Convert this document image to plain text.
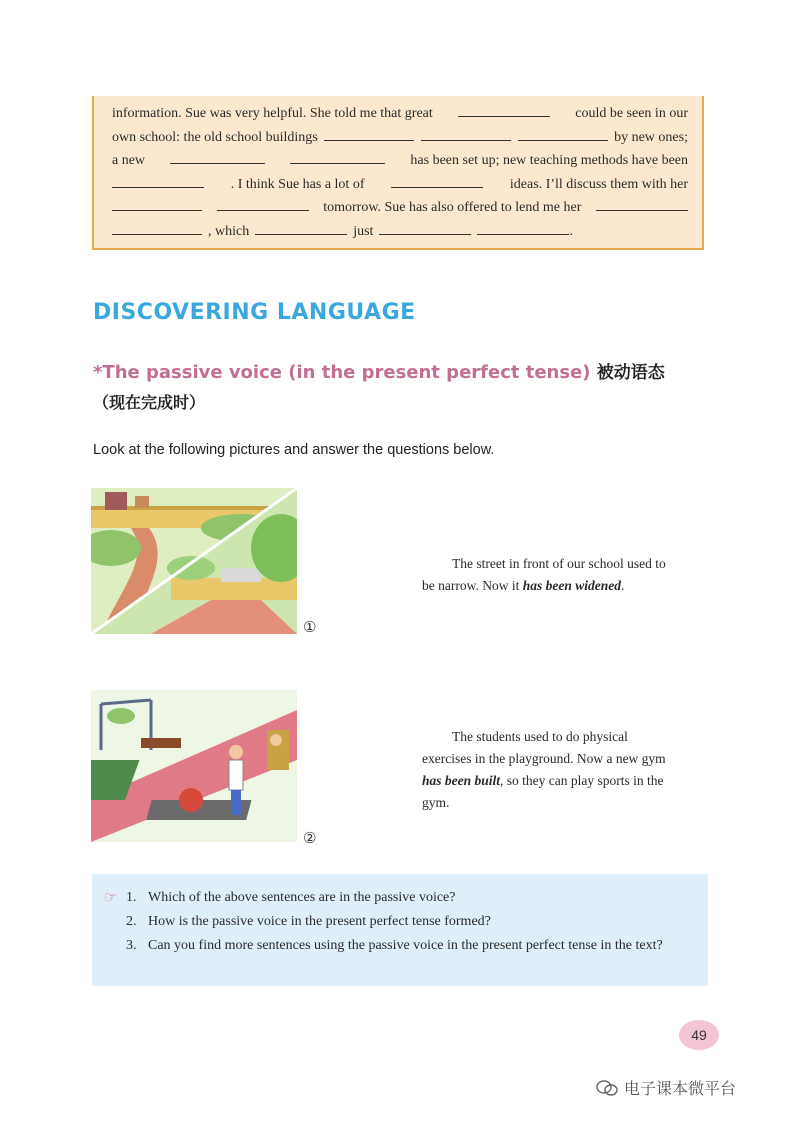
information. Sue was very helpful. She told me that great	could be seen in our
own school: the old school buildings	by new ones;
a new	has been set up; new teaching methods have been
. I think Sue has a lot of	ideas. I’ll discuss them with her
tomorrow. Sue has also offered to lend me her
, which	just	.
DISCOVERING LANGUAGE
*The passive voice (in the present perfect tense) 被动语态
（现在完成时）

Look at the following pictures and answer the questions below.

①
The street in front of our school used to be narrow. Now it has been widened.
②
The students used to do physical exercises in the playground. Now a new gym has been built, so they can play sports in the gym.
☞ 1. Which of the above sentences are in the passive voice?
2. How is the passive voice in the present perfect tense formed?
3. Can you find more sentences using the passive voice in the present perfect tense in the text?
49
电子课本微平台
